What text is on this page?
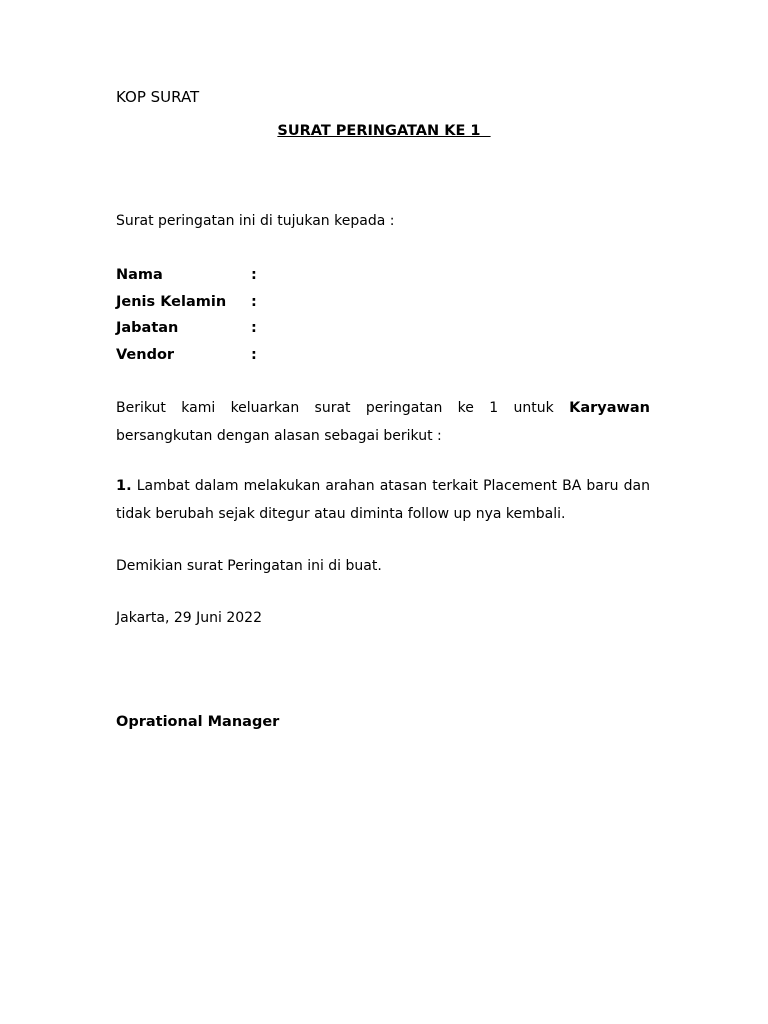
KOP SURAT
SURAT PERINGATAN KE 1
Surat peringatan ini di tujukan kepada :
Nama	:
Jenis Kelamin	:
Jabatan	:
Vendor	:
Berikut kami keluarkan surat peringatan ke 1 untuk Karyawan bersangkutan dengan alasan sebagai berikut :
1. Lambat dalam melakukan arahan atasan terkait Placement BA baru dan tidak berubah sejak ditegur atau diminta follow up nya kembali.
Demikian surat Peringatan ini di buat.
Jakarta, 29 Juni 2022
Oprational Manager
